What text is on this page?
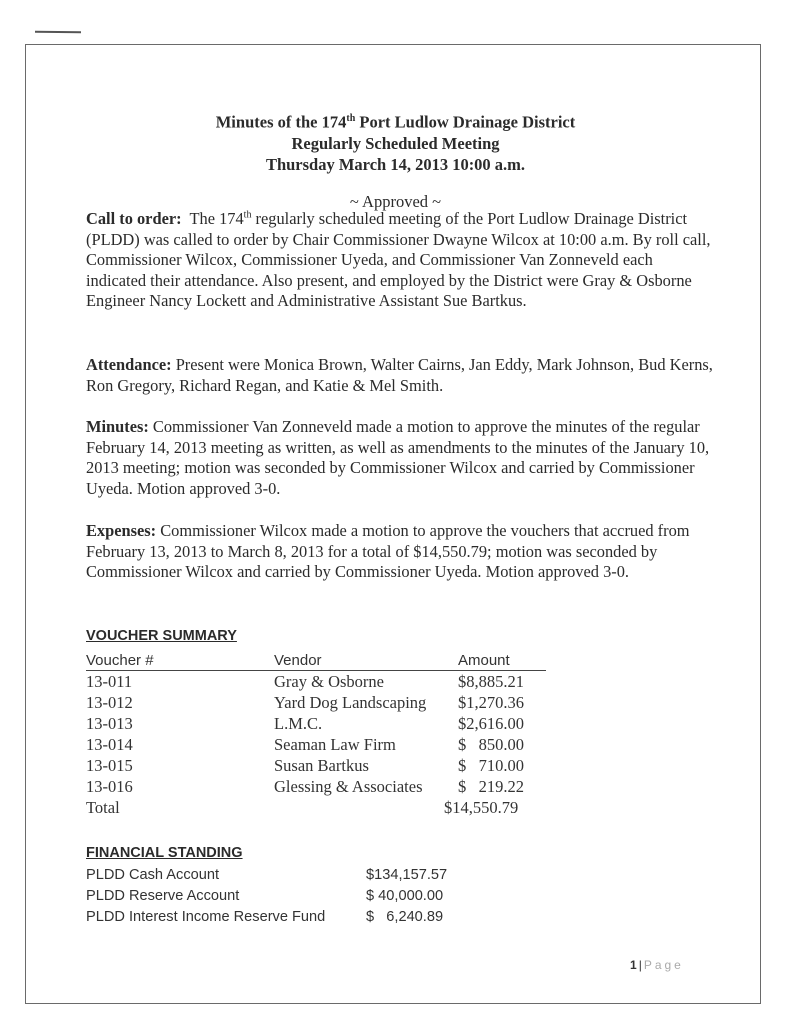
Minutes of the 174th Port Ludlow Drainage District
Regularly Scheduled Meeting
Thursday March 14, 2013 10:00 a.m.
~ Approved ~
Call to order:  The 174th regularly scheduled meeting of the Port Ludlow Drainage District (PLDD) was called to order by Chair Commissioner Dwayne Wilcox at 10:00 a.m. By roll call, Commissioner Wilcox, Commissioner Uyeda, and Commissioner Van Zonneveld each indicated their attendance. Also present, and employed by the District were Gray & Osborne Engineer Nancy Lockett and Administrative Assistant Sue Bartkus.
Attendance: Present were Monica Brown, Walter Cairns, Jan Eddy, Mark Johnson, Bud Kerns, Ron Gregory, Richard Regan, and Katie & Mel Smith.
Minutes: Commissioner Van Zonneveld made a motion to approve the minutes of the regular February 14, 2013 meeting as written, as well as amendments to the minutes of the January 10, 2013 meeting; motion was seconded by Commissioner Wilcox and carried by Commissioner Uyeda. Motion approved 3-0.
Expenses: Commissioner Wilcox made a motion to approve the vouchers that accrued from February 13, 2013 to March 8, 2013 for a total of $14,550.79; motion was seconded by Commissioner Wilcox and carried by Commissioner Uyeda. Motion approved 3-0.
VOUCHER SUMMARY
Voucher #	Vendor	Amount
13-011	Gray & Osborne	$8,885.21
13-012	Yard Dog Landscaping	$1,270.36
13-013	L.M.C.	$2,616.00
13-014	Seaman Law Firm	$   850.00
13-015	Susan Bartkus	$   710.00
13-016	Glessing & Associates	$   219.22
Total		$14,550.79
FINANCIAL STANDING
PLDD Cash Account	$134,157.57
PLDD Reserve Account	$ 40,000.00
PLDD Interest Income Reserve Fund	$   6,240.89
1 | Page
